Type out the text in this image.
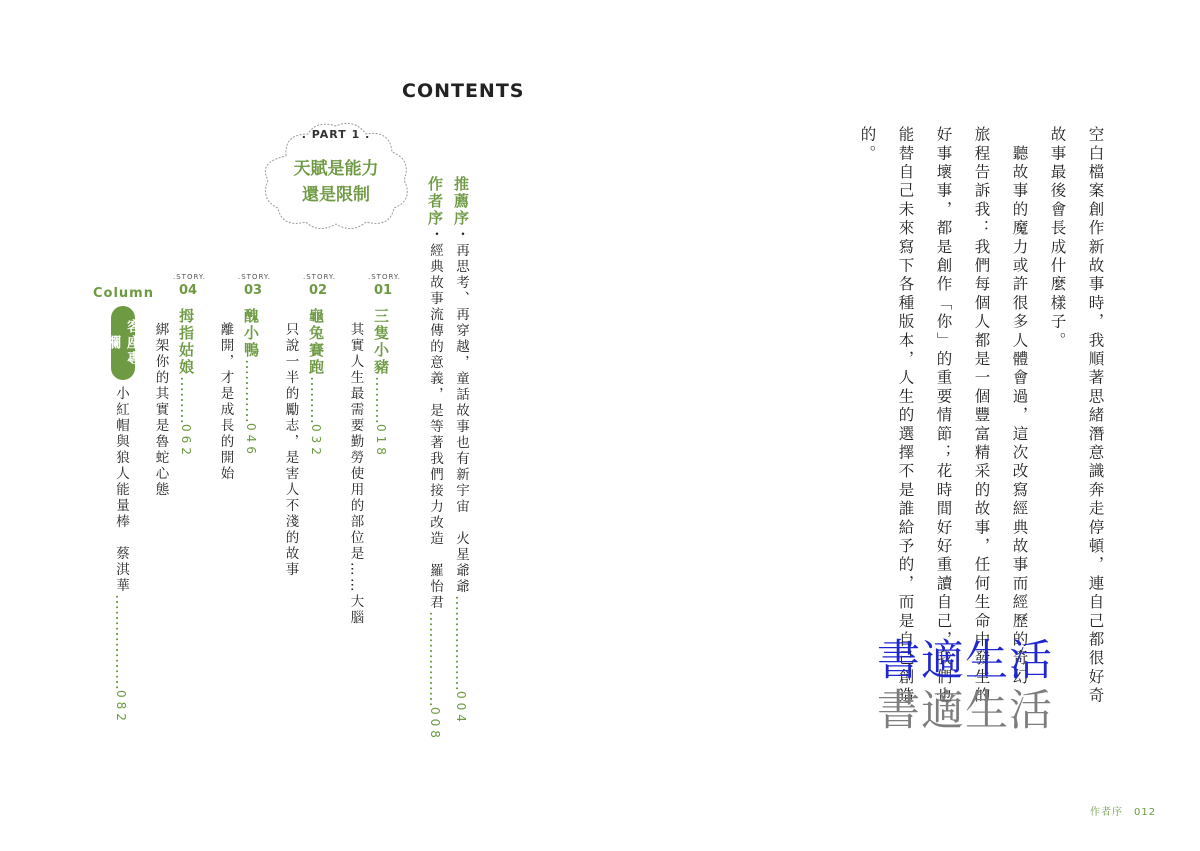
CONTENTS
. PART 1 .
天賦是能力
還是限制	推薦序・再思考、再穿越，童話故事也有新宇宙　火星爺爺………………004
作者序・經典故事流傳的意義，是等著我們接力改造　羅怡君………………008
.STORY.
01
.STORY.
02
.STORY.
03
.STORY.
04
三隻小豬………018
其實人生最需要勤勞使用的部位是……大腦
龜兔賽跑………032
只說一半的勵志，是害人不淺的故事
醜小鴨…………046
離開，才是成長的開始
拇指姑娘………062
綁架你的其實是魯蛇心態
Column
客座專欄
小紅帽與狼人能量棒　蔡淇華………………082
空白檔案創作新故事時，我順著思緒潛意識奔走停頓，連自己都很好奇
故事最後會長成什麼樣子。
　聽故事的魔力或許很多人體會過，這次改寫經典故事而經歷的奇幻
旅程告訴我：我們每個人都是一個豐富精采的故事，任何生命中發生的
好事壞事，都是創作「你」的重要情節；花時間好好重讀自己，我們也
能替自己未來寫下各種版本，人生的選擇不是誰給予的，而是自己創造
的。
書適生活
書適生活
作者序　012
